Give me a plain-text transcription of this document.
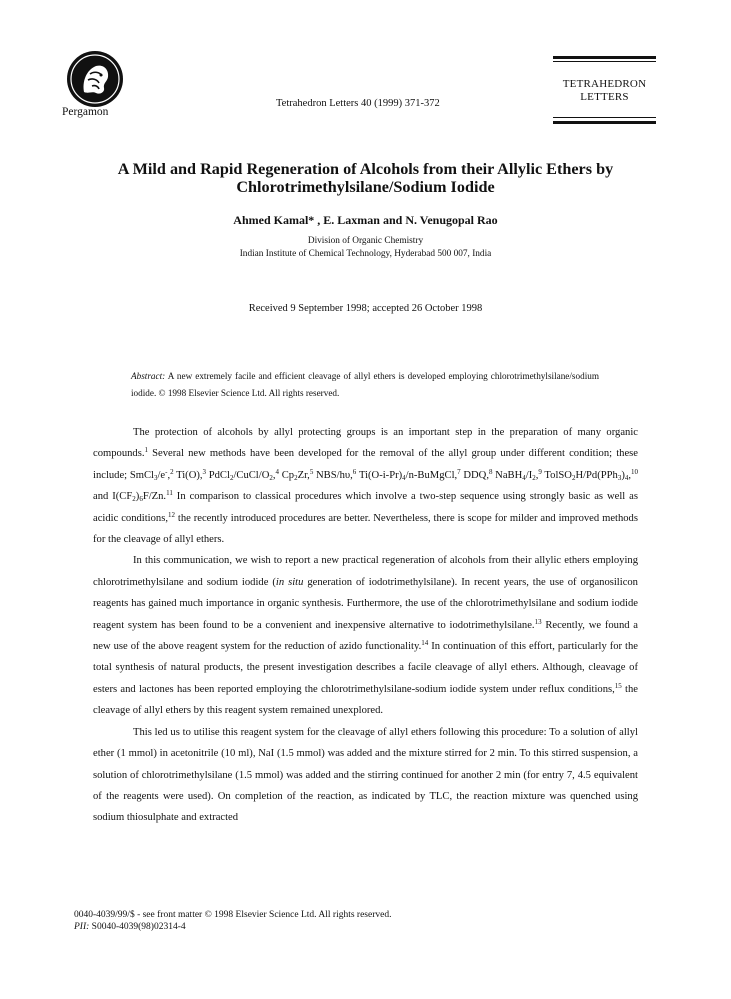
Pergamon
Tetrahedron Letters 40 (1999) 371-372
TETRAHEDRON
LETTERS
A Mild and Rapid Regeneration of Alcohols from their Allylic Ethers by
Chlorotrimethylsilane/Sodium Iodide
Ahmed Kamal* , E. Laxman and N. Venugopal Rao
Division of Organic Chemistry
Indian Institute of Chemical Technology, Hyderabad 500 007, India
Received 9 September 1998; accepted 26 October 1998
Abstract: A new extremely facile and efficient cleavage of allyl ethers is developed employing chlorotrimethylsilane/sodium iodide. © 1998 Elsevier Science Ltd. All rights reserved.

The protection of alcohols by allyl protecting groups is an important step in the preparation of many organic compounds.$^1$ Several new methods have been developed for the removal of the allyl group under different condition; these include; SmCl$_3$/e-,$^2$ Ti(O),$^3$ $PdCl_2/CuCl/O_2,^4$ $Cp_2Zr,^5$ NBS/hυ,$^6$ $Ti(O-i-Pr)_4/n-BuMgCl,^7$ DDQ,$^8$ $NaBH_4/I_2,^9$ $TolSO_2H/Pd(PPh_3)_4,^{10}$ and $I(CF_2)_6F/Zn.^{11}$ In comparison to classical procedures which involve a two-step sequence using strongly basic as well as acidic conditions,$^{12}$ the recently introduced procedures are better. Nevertheless, there is scope for milder and improved methods for the cleavage of allyl ethers.

In this communication, we wish to report a new practical regeneration of alcohols from their allylic ethers employing chlorotrimethylsilane and sodium iodide (in situ generation of iodotrimethylsilane). In recent years, the use of organosilicon reagents has gained much importance in organic synthesis. Furthermore, the use of the chlorotrimethylsilane and sodium iodide reagent system has been found to be a convenient and inexpensive alternative to iodotrimethylsilane.$^{13}$ Recently, we found a new use of the above reagent system for the reduction of azido functionality.$^{14}$ In continuation of this effort, particularly for the total synthesis of natural products, the present investigation describes a facile cleavage of allyl ethers. Although, cleavage of esters and lactones has been reported employing the chlorotrimethylsilane-sodium iodide system under reflux conditions,$^{15}$ the cleavage of allyl ethers by this reagent system remained unexplored.

This led us to utilise this reagent system for the cleavage of allyl ethers following this procedure: To a solution of allyl ether (1 mmol) in acetonitrile (10 ml), NaI (1.5 mmol) was added and the mixture stirred for 2 min. To this stirred suspension, a solution of chlorotrimethylsilane (1.5 mmol) was added and the stirring continued for another 2 min (for entry 7, 4.5 equivalent of the reagents were used). On completion of the reaction, as indicated by TLC, the reaction mixture was quenched using sodium thiosulphate and extracted

0040-4039/99/$ - see front matter © 1998 Elsevier Science Ltd. All rights reserved.
PII: S0040-4039(98)02314-4
